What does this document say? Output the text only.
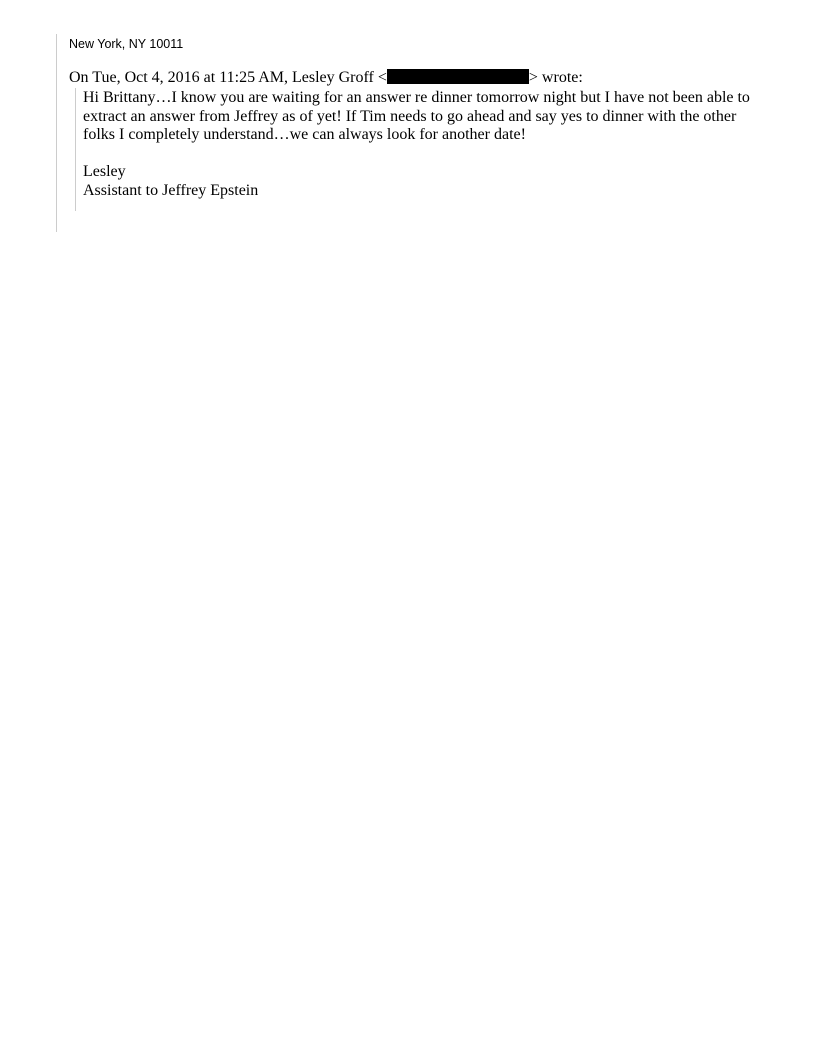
New York, NY 10011
On Tue, Oct 4, 2016 at 11:25 AM, Lesley Groff <	> wrote:

Hi Brittany…I know you are waiting for an answer re dinner tomorrow night but I have not been able to

extract an answer from Jeffrey as of yet! If Tim needs to go ahead and say yes to dinner with the other

folks I completely understand…we can always look for another date!

Lesley

Assistant to Jeffrey Epstein
